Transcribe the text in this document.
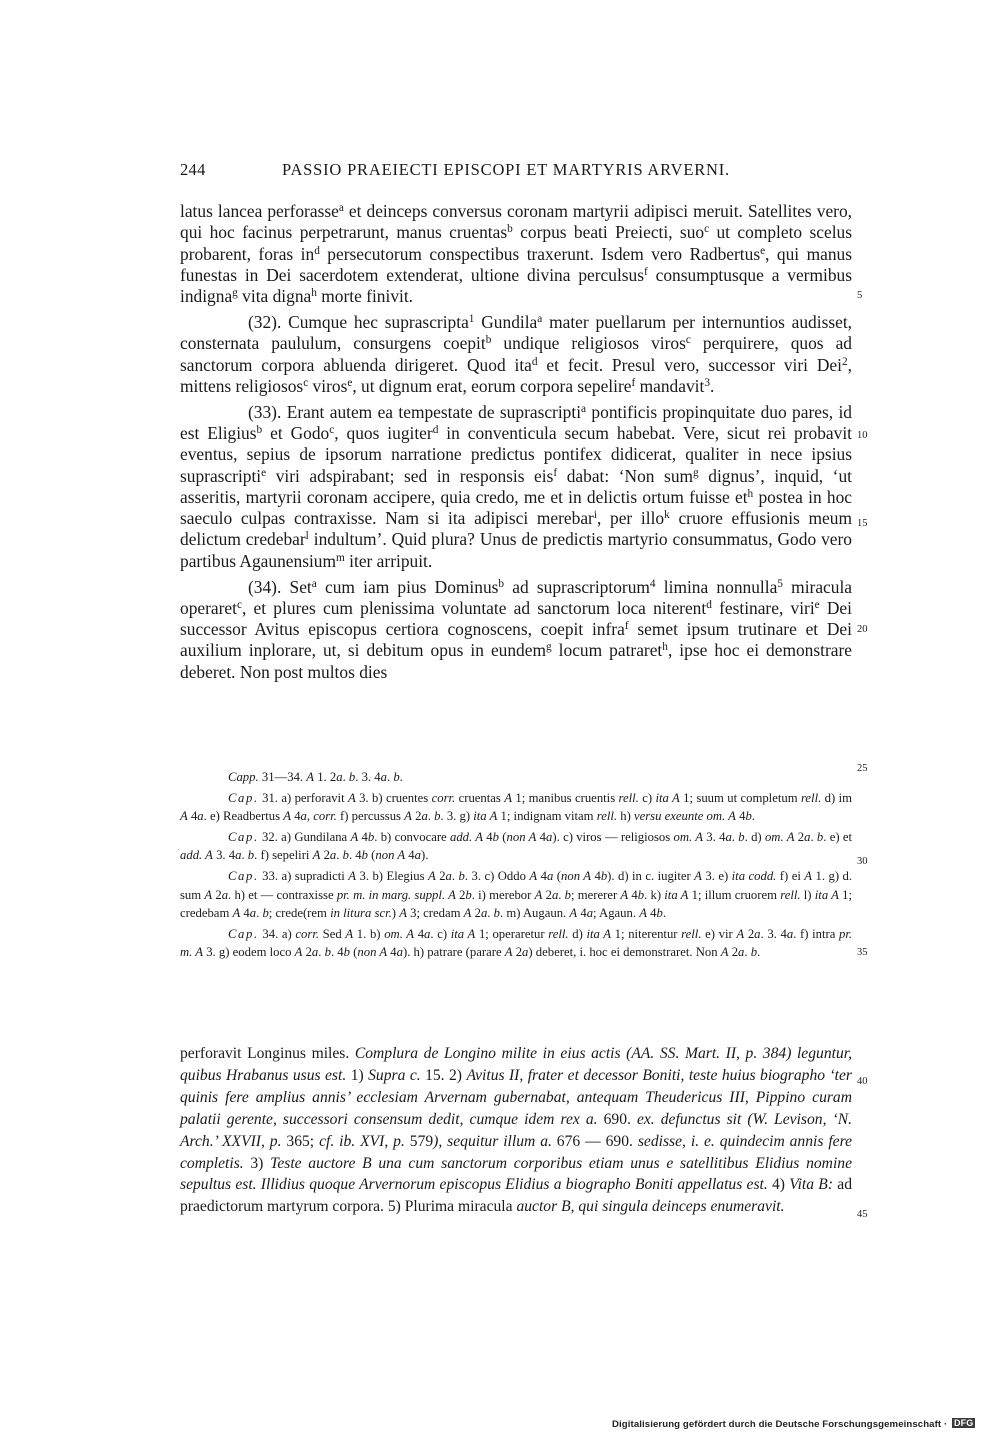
244	PASSIO PRAEIECTI EPISCOPI ET MARTYRIS ARVERNI.

latus lancea perforasse$^a$ et deinceps conversus coronam martyrii adipisci meruit. Satellites vero, qui hoc facinus perpetrarunt, manus cruentas$^b$ corpus beati Preiecti, suo$^c$ ut completo scelus probarent, foras $in^d$ persecutorum conspectibus traxerunt. Isdem vero Radbertus$^e$, qui manus funestas in Dei sacerdotem extenderat, ultione divina perculsus$^f$ consumptusque a vermibus indigna$^g$ vita digna$^h$ morte finivit.

(32). Cumque hec suprascripta$^1$ Gundila$^a$ mater puellarum per internuntios audisset, consternata paululum, consurgens coepit$^b$ undique religiosos viros$^c$ perquirere, quos ad sanctorum corpora abluenda dirigeret. Quod ita$^d$ et fecit. Presul vero, successor viri Dei$^2$, mittens religiosos$^c$ viros$^e$, ut dignum erat, eorum corpora sepelire$^f$ mandavit$^3$.

(33). Erant autem ea tempestate de suprascripti$^a$ pontificis propinquitate duo pares, id est Eligius$^b$ et Godo$^c$, quos iugiter$^d$ in conventicula secum habebat. Vere, sicut rei probavit eventus, sepius de ipsorum narratione predictus pontifex didicerat, qualiter in nece ipsius suprascripti$^e$ viri adspirabant; sed in responsis eis$^f$ dabat: ‘Non sum$^g$ dignus’, inquid, ‘ut asseritis, martyrii coronam accipere, quia credo, me et in delictis ortum fuisse $et^h$ postea in hoc saeculo culpas contraxisse. Nam si ita adipisci merebar$^i$, per illo$^k$ cruore effusionis meum delictum credebar$^l$ indultum’. Quid plura? Unus de predictis martyrio consummatus, Godo vero partibus Agaunensium$^m$ iter arripuit.

(34). Set$^a$ cum iam pius Dominus$^b$ ad suprascriptorum$^4$ limina nonnulla$^5$ miracula operaret$^c$, et plures cum plenissima voluntate ad sanctorum loca niterent$^d$ festinare, viri$^e$ Dei successor Avitus episcopus certiora cognoscens, coepit infra$^f$ semet ipsum trutinare et Dei auxilium inplorare, ut, si debitum opus in eundem$^g$ locum patraret$^h$, ipse hoc ei demonstrare deberet. Non post multos dies

Capp. 31—34. A 1. 2a. b. 3. 4a. b.

Cap. 31. a) perforavit A 3. b) cruentes corr. cruentas A 1; manibus cruentis rell. c) ita A 1; suum ut completum rell. d) im A 4a. e) Readbertus A 4a, corr. f) percussus A 2a. b. 3. g) ita A 1; indignam vitam rell. h) versu exeunte om. A 4b.

Cap. 32. a) Gundilana A 4b. b) convocare add. A 4b (non A 4a). c) viros — religiosos om. A 3. 4a. b. d) om. A 2a. b. e) et add. A 3. 4a. b. f) sepeliri A 2a. b. 4b (non A 4a).

Cap. 33. a) supradicti A 3. b) Elegius A 2a. b. 3. c) Oddo A 4a (non A 4b). d) in c. iugiter A 3. e) ita codd. f) ei A 1. g) d. sum A 2a. h) et — contraxisse pr. m. in marg. suppl. A 2b. i) merebor A 2a. b; mererer A 4b. k) ita A 1; illum cruorem rell. l) ita A 1; credebam A 4a. b; crede(rem in litura scr.) A 3; credam A 2a. b. m) Augaun. A 4a; Agaun. A 4b.

Cap. 34. a) corr. Sed A 1. b) om. A 4a. c) ita A 1; operaretur rell. d) ita A 1; niterentur rell. e) vir A 2a. 3. 4a. f) intra pr. m. A 3. g) eodem loco A 2a. b. 4b (non A 4a). h) patrare (parare A 2a) deberet, i. hoc ei demonstraret. Non A 2a. b.

perforavit Longinus miles. Complura de Longino milite in eius actis (AA. SS. Mart. II, p. 384) leguntur, quibus Hrabanus usus est. 1) Supra c. 15. 2) Avitus II, frater et decessor Boniti, teste huius biographo ‘ter quinis fere amplius annis’ ecclesiam Arvernam gubernabat, antequam Theudericus III, Pippino curam palatii gerente, successori consensum dedit, cumque idem rex a. 690. ex. defunctus sit (W. Levison, ‘N. Arch.’ XXVII, p. 365; cf. ib. XVI, p. 579), sequitur illum a. 676 — 690. sedisse, i. e. quindecim annis fere completis. 3) Teste auctore B una cum sanctorum corporibus etiam unus e satellitibus Elidius nomine sepultus est. Illidius quoque Arvernorum episcopus Elidius a biographo Boniti appellatus est. 4) Vita B: ad praedictorum martyrum corpora. 5) Plurima miracula auctor B, qui singula deinceps enumeravit.

5
10
15
20
25
30
35
40
45
Digitalisierung gefördert durch die Deutsche Forschungsgemeinschaft · DFG
